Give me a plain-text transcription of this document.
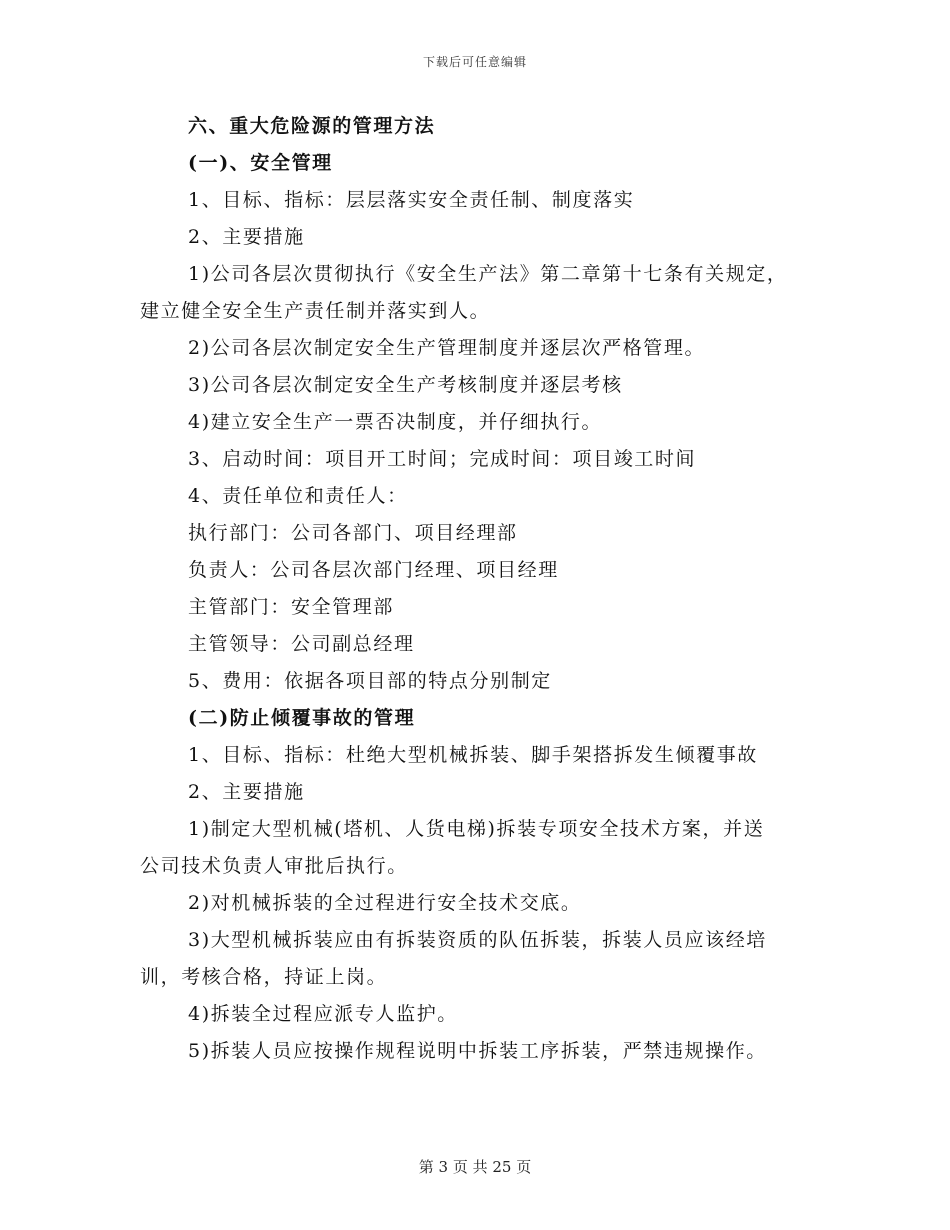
下载后可任意编辑
六、重大危险源的管理方法
(一)、安全管理
1、目标、指标：层层落实安全责任制、制度落实
2、主要措施
1)公司各层次贯彻执行《安全生产法》第二章第十七条有关规定，
建立健全安全生产责任制并落实到人。
2)公司各层次制定安全生产管理制度并逐层次严格管理。
3)公司各层次制定安全生产考核制度并逐层考核
4)建立安全生产一票否决制度，并仔细执行。
3、启动时间：项目开工时间；完成时间：项目竣工时间
4、责任单位和责任人：
执行部门：公司各部门、项目经理部
负责人：公司各层次部门经理、项目经理
主管部门：安全管理部
主管领导：公司副总经理
5、费用：依据各项目部的特点分别制定
(二)防止倾覆事故的管理
1、目标、指标：杜绝大型机械拆装、脚手架搭拆发生倾覆事故
2、主要措施
1)制定大型机械(塔机、人货电梯)拆装专项安全技术方案，并送
公司技术负责人审批后执行。
2)对机械拆装的全过程进行安全技术交底。
3)大型机械拆装应由有拆装资质的队伍拆装，拆装人员应该经培
训，考核合格，持证上岗。
4)拆装全过程应派专人监护。
5)拆装人员应按操作规程说明中拆装工序拆装，严禁违规操作。
第 3 页 共 25 页
